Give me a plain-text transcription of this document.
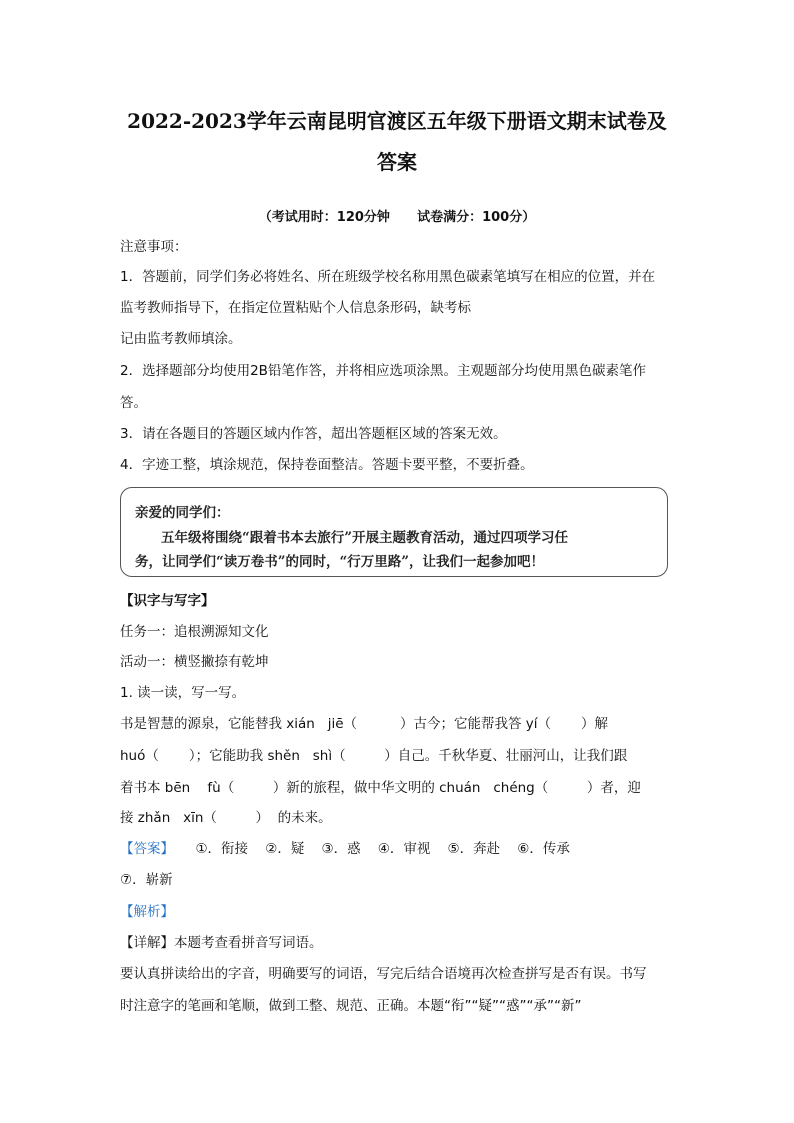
2022-2023学年云南昆明官渡区五年级下册语文期末试卷及
答案
（考试用时：120分钟      试卷满分：100分）
注意事项：
1．答题前，同学们务必将姓名、所在班级学校名称用黑色碳素笔填写在相应的位置，并在
监考教师指导下，在指定位置粘贴个人信息条形码，缺考标
记由监考教师填涂。
2．选择题部分均使用2B铅笔作答，并将相应选项涂黑。主观题部分均使用黑色碳素笔作
答。
3．请在各题目的答题区域内作答，超出答题框区域的答案无效。
4．字迹工整，填涂规范，保持卷面整洁。答题卡要平整，不要折叠。
亲爱的同学们：
五年级将围绕“跟着书本去旅行”开展主题教育活动，通过四项学习任
务，让同学们“读万卷书”的同时，“行万里路”，让我们一起参加吧！
【识字与写字】
任务一：追根溯源知文化
活动一：横竖撇捺有乾坤
1. 读一读，写一写。
书是智慧的源泉，它能替我 xián   jiē（          ）古今；它能帮我答 yí（       ）解
huó（       ）；它能助我 shěn   shì（         ）自己。千秋华夏、壮丽河山，让我们跟
着书本 bēn    fù（         ）新的旅程，做中华文明的 chuán   chéng（         ）者，迎
接 zhǎn   xīn（         ）  的未来。
【答案】     ①．衔接    ②．疑    ③．惑    ④．审视    ⑤．奔赴    ⑥．传承
⑦．崭新
【解析】
【详解】本题考查看拼音写词语。
要认真拼读给出的字音，明确要写的词语，写完后结合语境再次检查拼写是否有误。书写
时注意字的笔画和笔顺，做到工整、规范、正确。本题“衔”“疑”“惑”“承”“新”
